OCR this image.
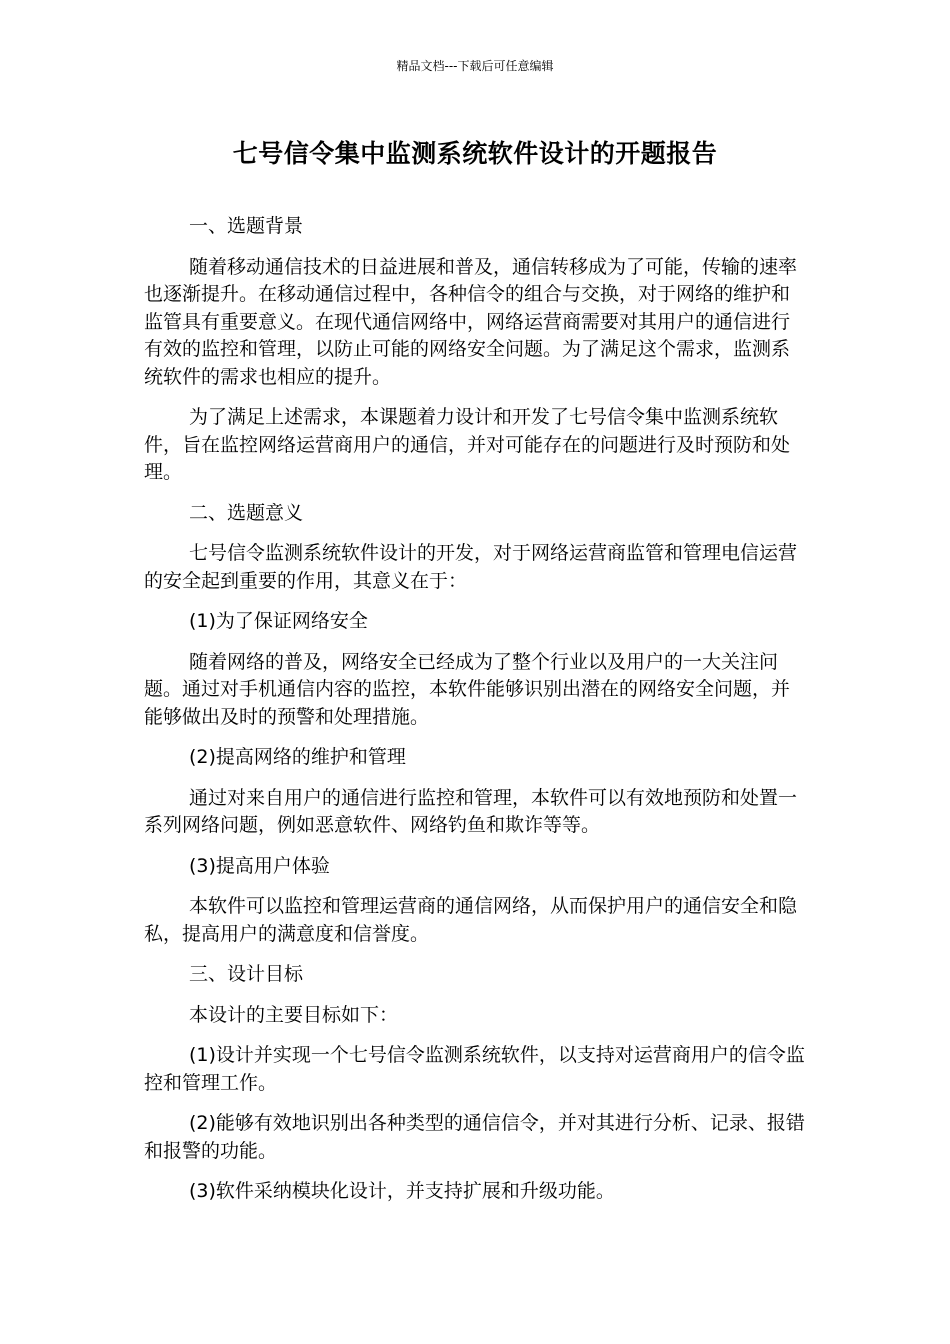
精品文档---下载后可任意编辑
七号信令集中监测系统软件设计的开题报告

一、选题背景

随着移动通信技术的日益进展和普及，通信转移成为了可能，传输的速率也逐渐提升。在移动通信过程中，各种信令的组合与交换，对于网络的维护和监管具有重要意义。在现代通信网络中，网络运营商需要对其用户的通信进行有效的监控和管理，以防止可能的网络安全问题。为了满足这个需求，监测系统软件的需求也相应的提升。

为了满足上述需求，本课题着力设计和开发了七号信令集中监测系统软件，旨在监控网络运营商用户的通信，并对可能存在的问题进行及时预防和处理。

二、选题意义

七号信令监测系统软件设计的开发，对于网络运营商监管和管理电信运营的安全起到重要的作用，其意义在于：

(1)为了保证网络安全

随着网络的普及，网络安全已经成为了整个行业以及用户的一大关注问题。通过对手机通信内容的监控，本软件能够识别出潜在的网络安全问题，并能够做出及时的预警和处理措施。

(2)提高网络的维护和管理

通过对来自用户的通信进行监控和管理，本软件可以有效地预防和处置一系列网络问题，例如恶意软件、网络钓鱼和欺诈等等。

(3)提高用户体验

本软件可以监控和管理运营商的通信网络，从而保护用户的通信安全和隐私，提高用户的满意度和信誉度。

三、设计目标

本设计的主要目标如下：

(1)设计并实现一个七号信令监测系统软件，以支持对运营商用户的信令监控和管理工作。

(2)能够有效地识别出各种类型的通信信令，并对其进行分析、记录、报错和报警的功能。

(3)软件采纳模块化设计，并支持扩展和升级功能。
